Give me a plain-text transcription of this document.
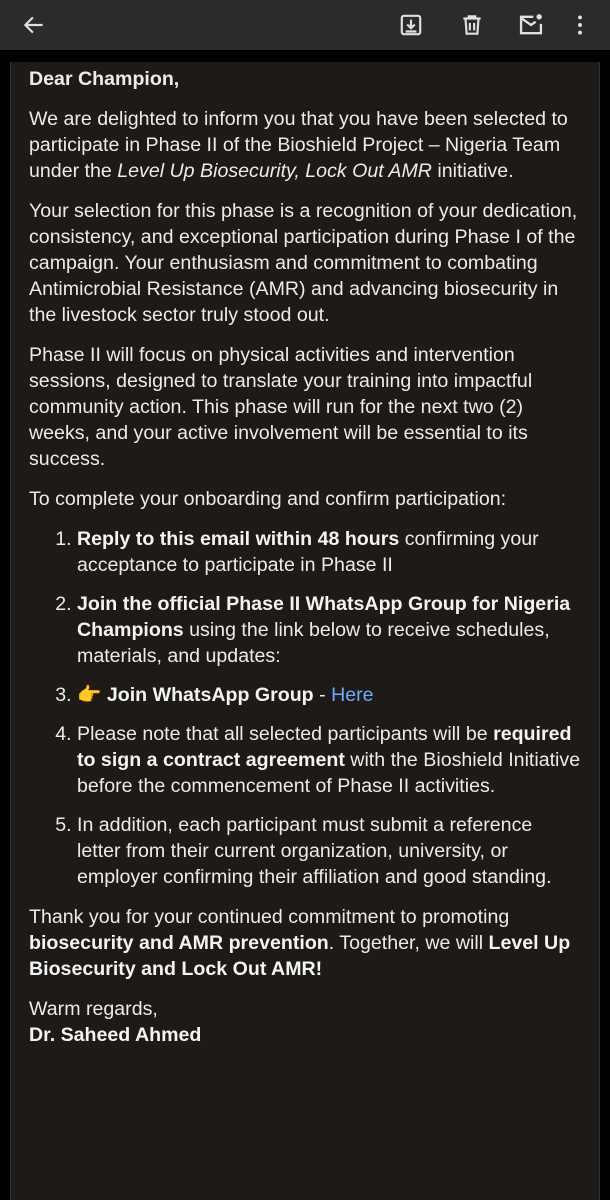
Dear Champion,

We are delighted to inform you that you have been selected to participate in Phase II of the Bioshield Project – Nigeria Team under the Level Up Biosecurity, Lock Out AMR initiative.

Your selection for this phase is a recognition of your dedication, consistency, and exceptional participation during Phase I of the campaign. Your enthusiasm and commitment to combating Antimicrobial Resistance (AMR) and advancing biosecurity in the livestock sector truly stood out.

Phase II will focus on physical activities and intervention sessions, designed to translate your training into impactful community action. This phase will run for the next two (2) weeks, and your active involvement will be essential to its success.

To complete your onboarding and confirm participation:

1. Reply to this email within 48 hours confirming your acceptance to participate in Phase II
2. Join the official Phase II WhatsApp Group for Nigeria Champions using the link below to receive schedules, materials, and updates:
3. 👉 Join WhatsApp Group - Here
4. Please note that all selected participants will be required to sign a contract agreement with the Bioshield Initiative before the commencement of Phase II activities.
5. In addition, each participant must submit a reference letter from their current organization, university, or employer confirming their affiliation and good standing.

Thank you for your continued commitment to promoting biosecurity and AMR prevention. Together, we will Level Up Biosecurity and Lock Out AMR!

Warm regards,

Dr. Saheed Ahmed
